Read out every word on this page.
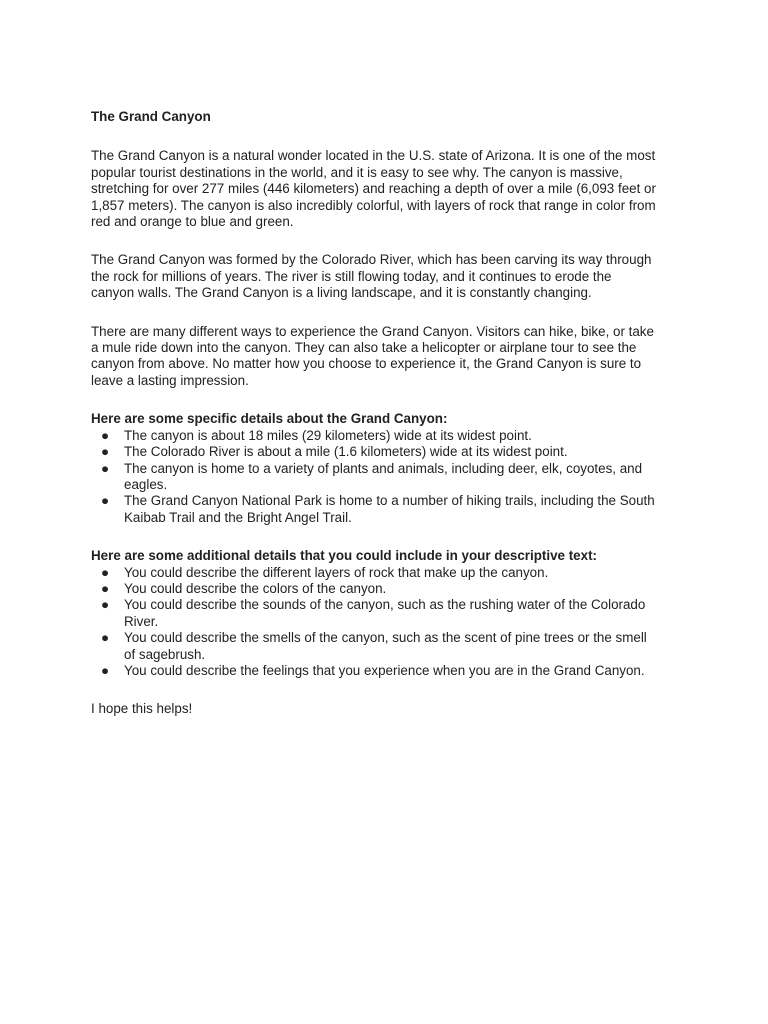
The Grand Canyon

The Grand Canyon is a natural wonder located in the U.S. state of Arizona. It is one of the most popular tourist destinations in the world, and it is easy to see why. The canyon is massive, stretching for over 277 miles (446 kilometers) and reaching a depth of over a mile (6,093 feet or 1,857 meters). The canyon is also incredibly colorful, with layers of rock that range in color from red and orange to blue and green.

The Grand Canyon was formed by the Colorado River, which has been carving its way through the rock for millions of years. The river is still flowing today, and it continues to erode the canyon walls. The Grand Canyon is a living landscape, and it is constantly changing.

There are many different ways to experience the Grand Canyon. Visitors can hike, bike, or take a mule ride down into the canyon. They can also take a helicopter or airplane tour to see the canyon from above. No matter how you choose to experience it, the Grand Canyon is sure to leave a lasting impression.

Here are some specific details about the Grand Canyon:

● The canyon is about 18 miles (29 kilometers) wide at its widest point.
● The Colorado River is about a mile (1.6 kilometers) wide at its widest point.
● The canyon is home to a variety of plants and animals, including deer, elk, coyotes, and eagles.
● The Grand Canyon National Park is home to a number of hiking trails, including the South Kaibab Trail and the Bright Angel Trail.

Here are some additional details that you could include in your descriptive text:

● You could describe the different layers of rock that make up the canyon.
● You could describe the colors of the canyon.
● You could describe the sounds of the canyon, such as the rushing water of the Colorado River.
● You could describe the smells of the canyon, such as the scent of pine trees or the smell of sagebrush.
● You could describe the feelings that you experience when you are in the Grand Canyon.

I hope this helps!
